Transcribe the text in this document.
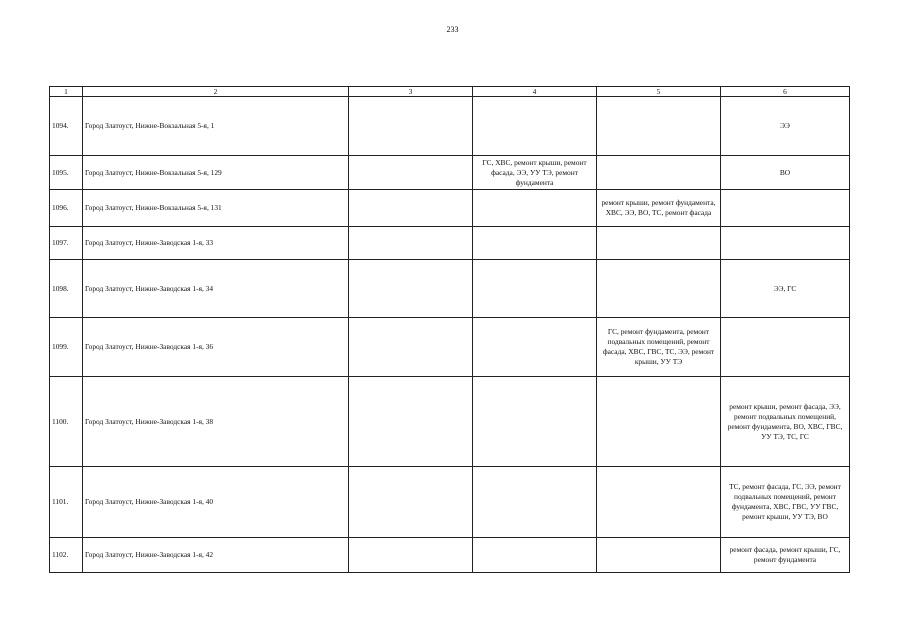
233
1	2	3	4	5	6
1094.	Город Златоуст, Нижне-Вокзальная 5-я, 1				ЭЭ
1095.	Город Златоуст, Нижне-Вокзальная 5-я, 129		ГС, ХВС, ремонт крыши, ремонт фасада, ЭЭ, УУ ТЭ, ремонт фундамента		ВО
1096.	Город Златоуст, Нижне-Вокзальная 5-я, 131			ремонт крыши, ремонт фундамента, ХВС, ЭЭ, ВО, ТС, ремонт фасада	
1097.	Город Златоуст, Нижне-Заводская 1-я, 33				
1098.	Город Златоуст, Нижне-Заводская 1-я, 34				ЭЭ, ГС
1099.	Город Златоуст, Нижне-Заводская 1-я, 36			ГС, ремонт фундамента, ремонт подвальных помещений, ремонт фасада, ХВС, ГВС, ТС, ЭЭ, ремонт крыши, УУ ТЭ	
1100.	Город Златоуст, Нижне-Заводская 1-я, 38				ремонт крыши, ремонт фасада, ЭЭ, ремонт подвальных помещений, ремонт фундамента, ВО, ХВС, ГВС, УУ ТЭ, ТС, ГС
1101.	Город Златоуст, Нижне-Заводская 1-я, 40				ТС, ремонт фасада, ГС, ЭЭ, ремонт подвальных помещений, ремонт фундамента, ХВС, ГВС, УУ ГВС, ремонт крыши, УУ ТЭ, ВО
1102.	Город Златоуст, Нижне-Заводская 1-я, 42				ремонт фасада, ремонт крыши, ГС, ремонт фундамента
